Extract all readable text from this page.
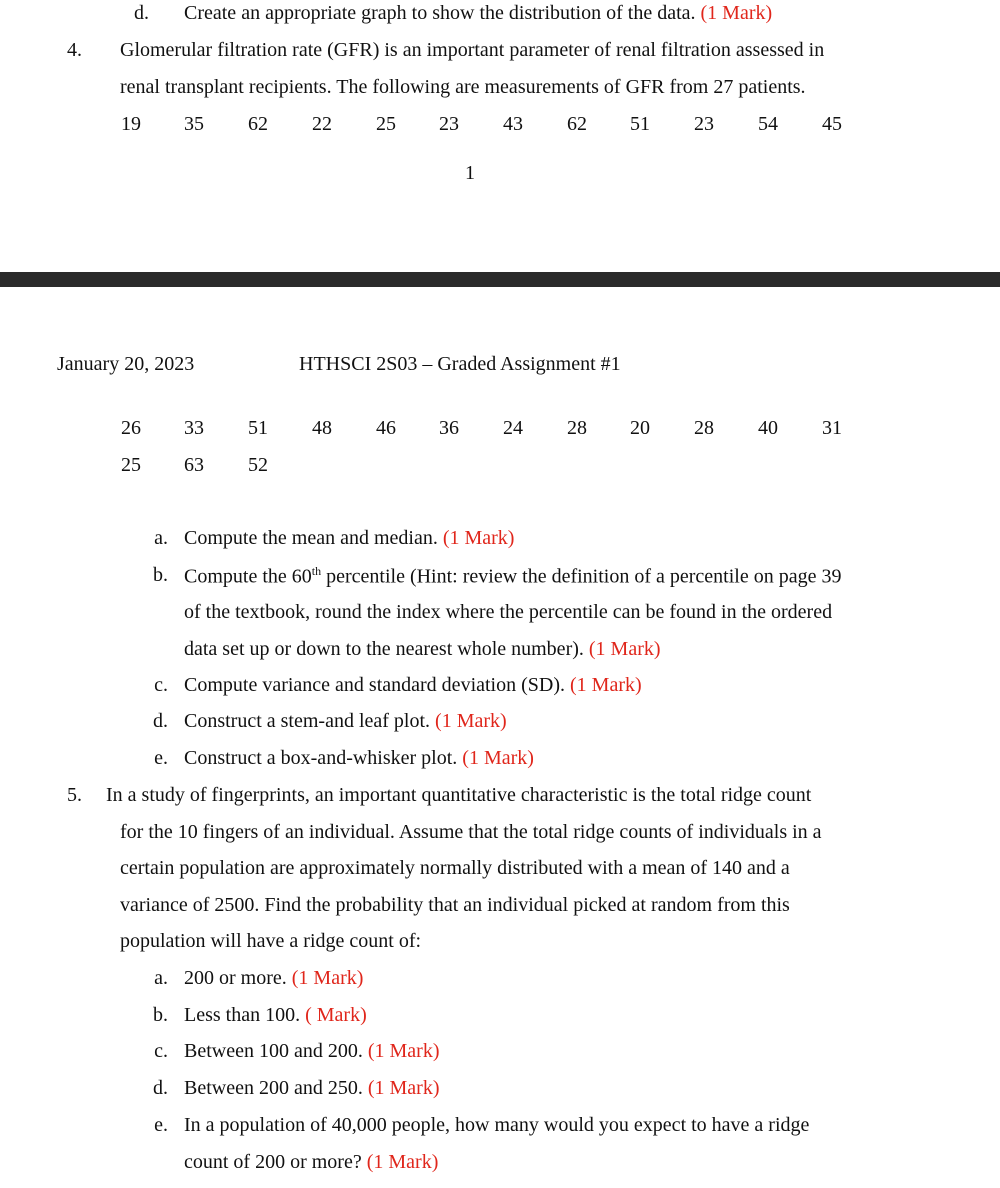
d. Create an appropriate graph to show the distribution of the data. (1 Mark)
4. Glomerular filtration rate (GFR) is an important parameter of renal filtration assessed in
renal transplant recipients. The following are measurements of GFR from 27 patients.
19	35	62	22	25	23	43	62	51	23	54	45
1
January 20, 2023	HTHSCI 2S03 – Graded Assignment #1
26	33	51	48	46	36	24	28	20	28	40	31
25	63	52
a. Compute the mean and median. (1 Mark)
b. Compute the 60th percentile (Hint: review the definition of a percentile on page 39
of the textbook, round the index where the percentile can be found in the ordered
data set up or down to the nearest whole number). (1 Mark)
c. Compute variance and standard deviation (SD). (1 Mark)
d. Construct a stem-and leaf plot. (1 Mark)
e. Construct a box-and-whisker plot. (1 Mark)
5. In a study of fingerprints, an important quantitative characteristic is the total ridge count
for the 10 fingers of an individual. Assume that the total ridge counts of individuals in a
certain population are approximately normally distributed with a mean of 140 and a
variance of 2500. Find the probability that an individual picked at random from this
population will have a ridge count of:
a. 200 or more. (1 Mark)
b. Less than 100. ( Mark)
c. Between 100 and 200. (1 Mark)
d. Between 200 and 250. (1 Mark)
e. In a population of 40,000 people, how many would you expect to have a ridge
count of 200 or more? (1 Mark)
